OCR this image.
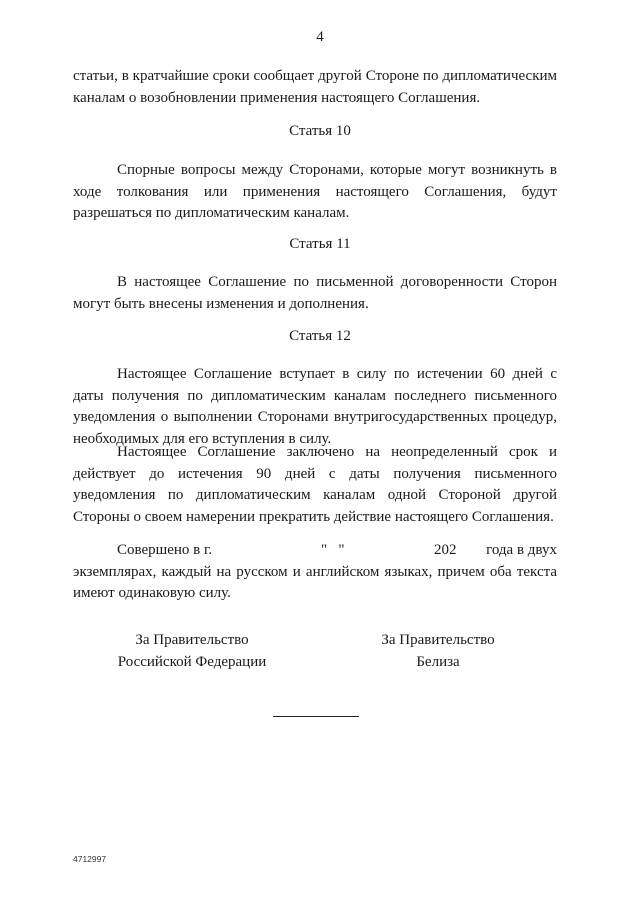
4
статьи, в кратчайшие сроки сообщает другой Стороне по дипломатическим каналам о возобновлении применения настоящего Соглашения.
Статья 10
Спорные вопросы между Сторонами, которые могут возникнуть в ходе толкования или применения настоящего Соглашения, будут разрешаться по дипломатическим каналам.
Статья 11
В настоящее Соглашение по письменной договоренности Сторон могут быть внесены изменения и дополнения.
Статья 12
Настоящее Соглашение вступает в силу по истечении 60 дней с даты получения по дипломатическим каналам последнего письменного уведомления о выполнении Сторонами внутригосударственных процедур, необходимых для его вступления в силу.
Настоящее Соглашение заключено на неопределенный срок и действует до истечения 90 дней с даты получения письменного уведомления по дипломатическим каналам одной Стороной другой Стороны о своем намерении прекратить действие настоящего Соглашения.
Совершено в г.	"   "	202 года в двух
экземплярах, каждый на русском и английском языках, причем оба текста имеют одинаковую силу.
За Правительство
Российской Федерации
За Правительство
Белиза
4712997
